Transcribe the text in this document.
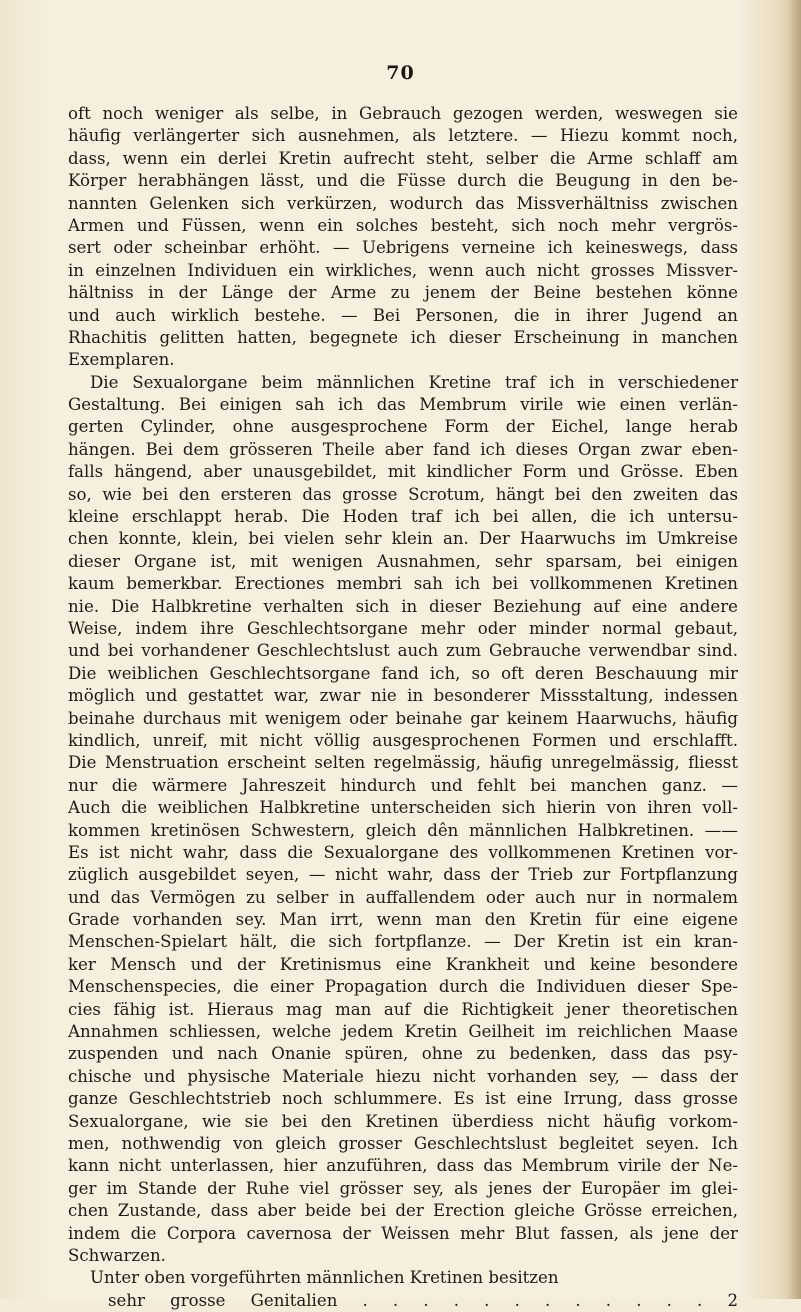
70
oft noch weniger als selbe, in Gebrauch gezogen werden, weswegen sie
häufig verlängerter sich ausnehmen, als letztere. — Hiezu kommt noch,
dass, wenn ein derlei Kretin aufrecht steht, selber die Arme schlaff am
Körper herabhängen lässt, und die Füsse durch die Beugung in den be-
nannten Gelenken sich verkürzen, wodurch das Missverhältniss zwischen
Armen und Füssen, wenn ein solches besteht, sich noch mehr vergrös-
sert oder scheinbar erhöht. — Uebrigens verneine ich keineswegs, dass
in einzelnen Individuen ein wirkliches, wenn auch nicht grosses Missver-
hältniss in der Länge der Arme zu jenem der Beine bestehen könne
und auch wirklich bestehe. — Bei Personen, die in ihrer Jugend an
Rhachitis gelitten hatten, begegnete ich dieser Erscheinung in manchen
Exemplaren.
Die Sexualorgane beim männlichen Kretine traf ich in verschiedener
Gestaltung. Bei einigen sah ich das Membrum virile wie einen verlän-
gerten Cylinder, ohne ausgesprochene Form der Eichel, lange herab
hängen. Bei dem grösseren Theile aber fand ich dieses Organ zwar eben-
falls hängend, aber unausgebildet, mit kindlicher Form und Grösse. Eben
so, wie bei den ersteren das grosse Scrotum, hängt bei den zweiten das
kleine erschlappt herab. Die Hoden traf ich bei allen, die ich untersu-
chen konnte, klein, bei vielen sehr klein an. Der Haarwuchs im Umkreise
dieser Organe ist, mit wenigen Ausnahmen, sehr sparsam, bei einigen
kaum bemerkbar. Erectiones membri sah ich bei vollkommenen Kretinen
nie. Die Halbkretine verhalten sich in dieser Beziehung auf eine andere
Weise, indem ihre Geschlechtsorgane mehr oder minder normal gebaut,
und bei vorhandener Geschlechtslust auch zum Gebrauche verwendbar sind.
Die weiblichen Geschlechtsorgane fand ich, so oft deren Beschauung mir
möglich und gestattet war, zwar nie in besonderer Missstaltung, indessen
beinahe durchaus mit wenigem oder beinahe gar keinem Haarwuchs, häufig
kindlich, unreif, mit nicht völlig ausgesprochenen Formen und erschlafft.
Die Menstruation erscheint selten regelmässig, häufig unregelmässig, fliesst
nur die wärmere Jahreszeit hindurch und fehlt bei manchen ganz. —
Auch die weiblichen Halbkretine unterscheiden sich hierin von ihren voll-
kommen kretinösen Schwestern, gleich dên männlichen Halbkretinen. ——
Es ist nicht wahr, dass die Sexualorgane des vollkommenen Kretinen vor-
züglich ausgebildet seyen, — nicht wahr, dass der Trieb zur Fortpflanzung
und das Vermögen zu selber in auffallendem oder auch nur in normalem
Grade vorhanden sey. Man irrt, wenn man den Kretin für eine eigene
Menschen-Spielart hält, die sich fortpflanze. — Der Kretin ist ein kran-
ker Mensch und der Kretinismus eine Krankheit und keine besondere
Menschenspecies, die einer Propagation durch die Individuen dieser Spe-
cies fähig ist. Hieraus mag man auf die Richtigkeit jener theoretischen
Annahmen schliessen, welche jedem Kretin Geilheit im reichlichen Maase
zuspenden und nach Onanie spüren, ohne zu bedenken, dass das psy-
chische und physische Materiale hiezu nicht vorhanden sey, — dass der
ganze Geschlechtstrieb noch schlummere. Es ist eine Irrung, dass grosse
Sexualorgane, wie sie bei den Kretinen überdiess nicht häufig vorkom-
men, nothwendig von gleich grosser Geschlechtslust begleitet seyen. Ich
kann nicht unterlassen, hier anzuführen, dass das Membrum virile der Ne-
ger im Stande der Ruhe viel grösser sey, als jenes der Europäer im glei-
chen Zustande, dass aber beide bei der Erection gleiche Grösse erreichen,
indem die Corpora cavernosa der Weissen mehr Blut fassen, als jene der
Schwarzen.
Unter oben vorgeführten männlichen Kretinen besitzen
sehr grosse Genitalien . . . . . . . . . . . . 2
